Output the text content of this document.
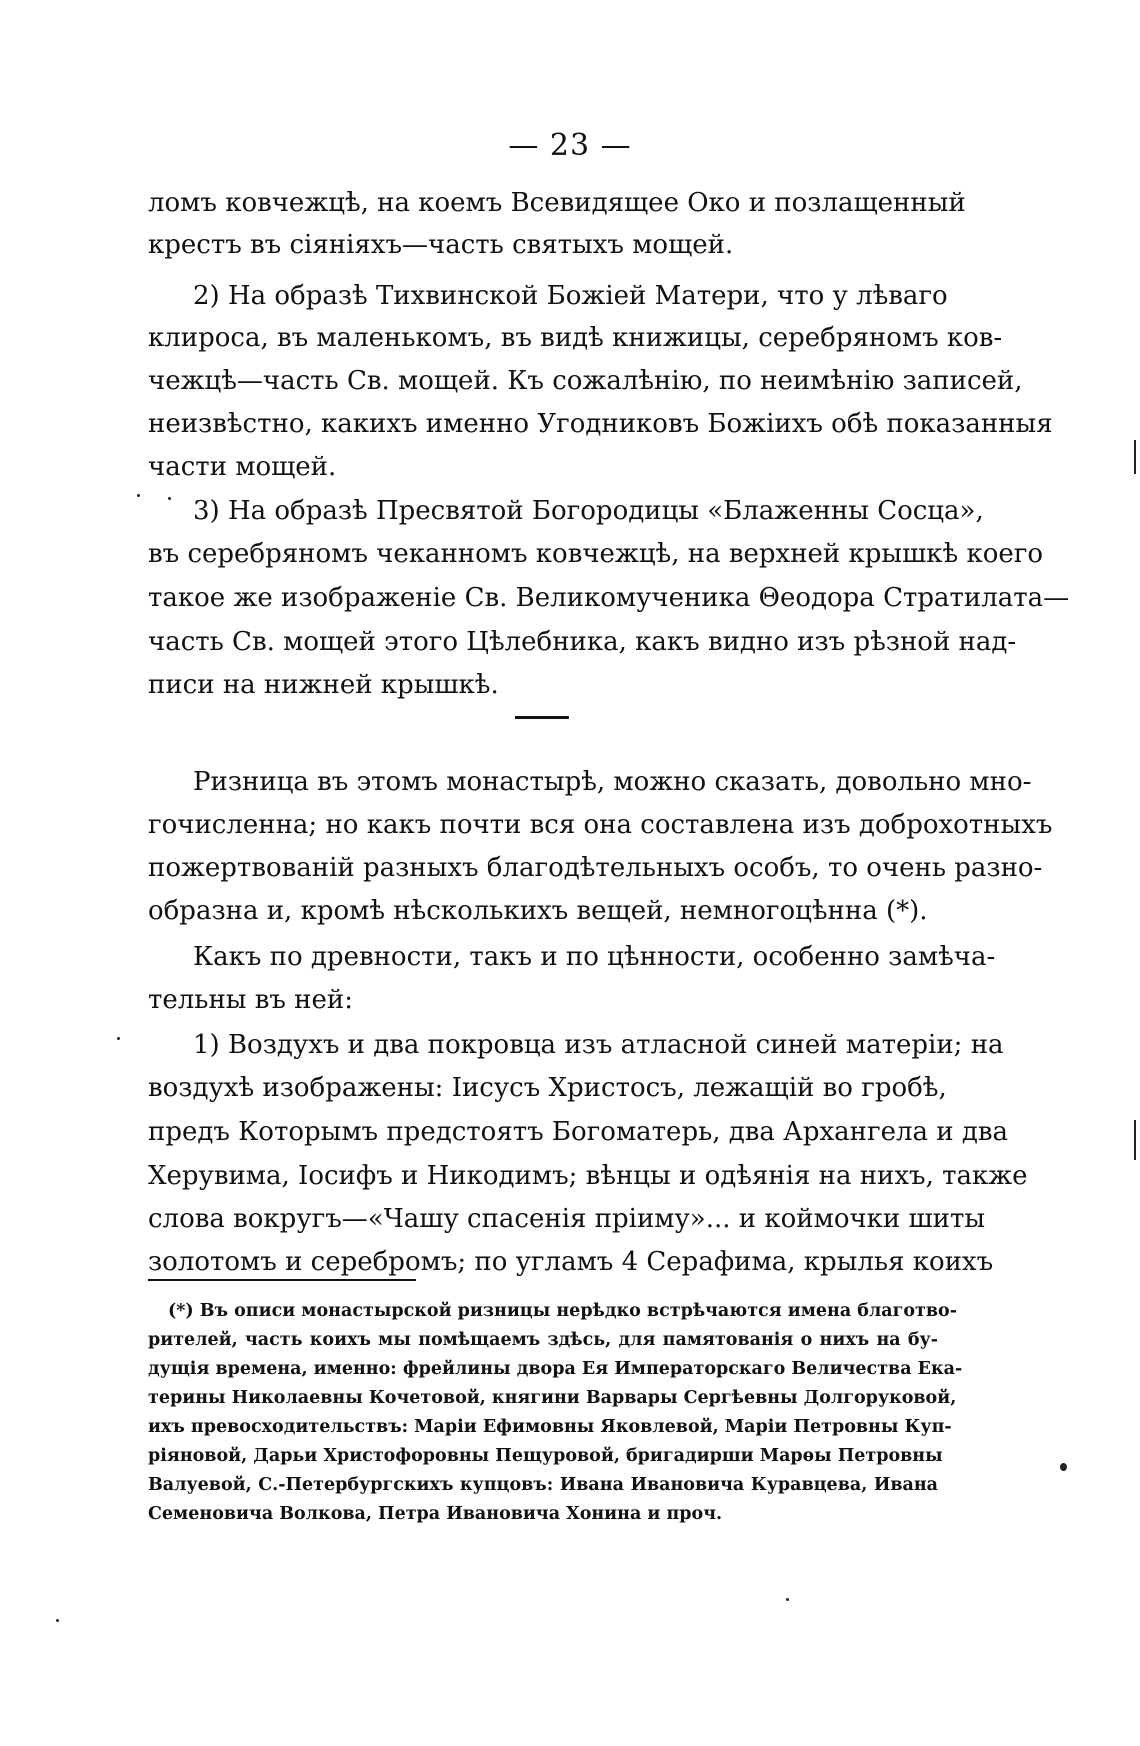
— 23 —
ломъ ковчежцѣ, на коемъ Всевидящее Око и позлащенный
крестъ въ сіяніяхъ—часть святыхъ мощей.
2) На образѣ Тихвинской Божіей Матери, что у лѣваго
клироса, въ маленькомъ, въ видѣ книжицы, серебряномъ ков-
чежцѣ—часть Св. мощей. Къ сожалѣнію, по неимѣнію записей,
неизвѣстно, какихъ именно Угодниковъ Божіихъ обѣ показанныя
части мощей.
3) На образѣ Пресвятой Богородицы «Блаженны Сосца»,
въ серебряномъ чеканномъ ковчежцѣ, на верхней крышкѣ коего
такое же изображеніе Св. Великомученика Θеодора Стратилата—
часть Св. мощей этого Цѣлебника, какъ видно изъ рѣзной над-
писи на нижней крышкѣ.
Ризница въ этомъ монастырѣ, можно сказать, довольно мно-
гочисленна; но какъ почти вся она составлена изъ доброхотныхъ
пожертвованій разныхъ благодѣтельныхъ особъ, то очень разно-
образна и, кромѣ нѣсколькихъ вещей, немногоцѣнна (*).
Какъ по древности, такъ и по цѣнности, особенно замѣча-
тельны въ ней:
1) Воздухъ и два покровца изъ атласной синей матеріи; на
воздухѣ изображены: Іисусъ Христосъ, лежащій во гробѣ,
предъ Которымъ предстоятъ Богоматерь, два Архангела и два
Херувима, Іосифъ и Никодимъ; вѣнцы и одѣянія на нихъ, также
слова вокругъ—«Чашу спасенія пріиму»... и коймочки шиты
золотомъ и серебромъ; по угламъ 4 Серафима, крылья коихъ
(*) Въ описи монастырской ризницы нерѣдко встрѣчаются имена благотво-
рителей, часть коихъ мы помѣщаемъ здѣсь, для памятованія о нихъ на бу-
дущія времена, именно: фрейлины двора Ея Императорскаго Величества Ека-
терины Николаевны Кочетовой, княгини Варвары Сергѣевны Долгоруковой,
ихъ превосходительствъ: Маріи Ефимовны Яковлевой, Маріи Петровны Куп-
ріяновой, Дарьи Христофоровны Пещуровой, бригадирши Марѳы Петровны
Валуевой, С.-Петербургскихъ купцовъ: Ивана Ивановича Куравцева, Ивана
Семеновича Волкова, Петра Ивановича Хонина и проч.
